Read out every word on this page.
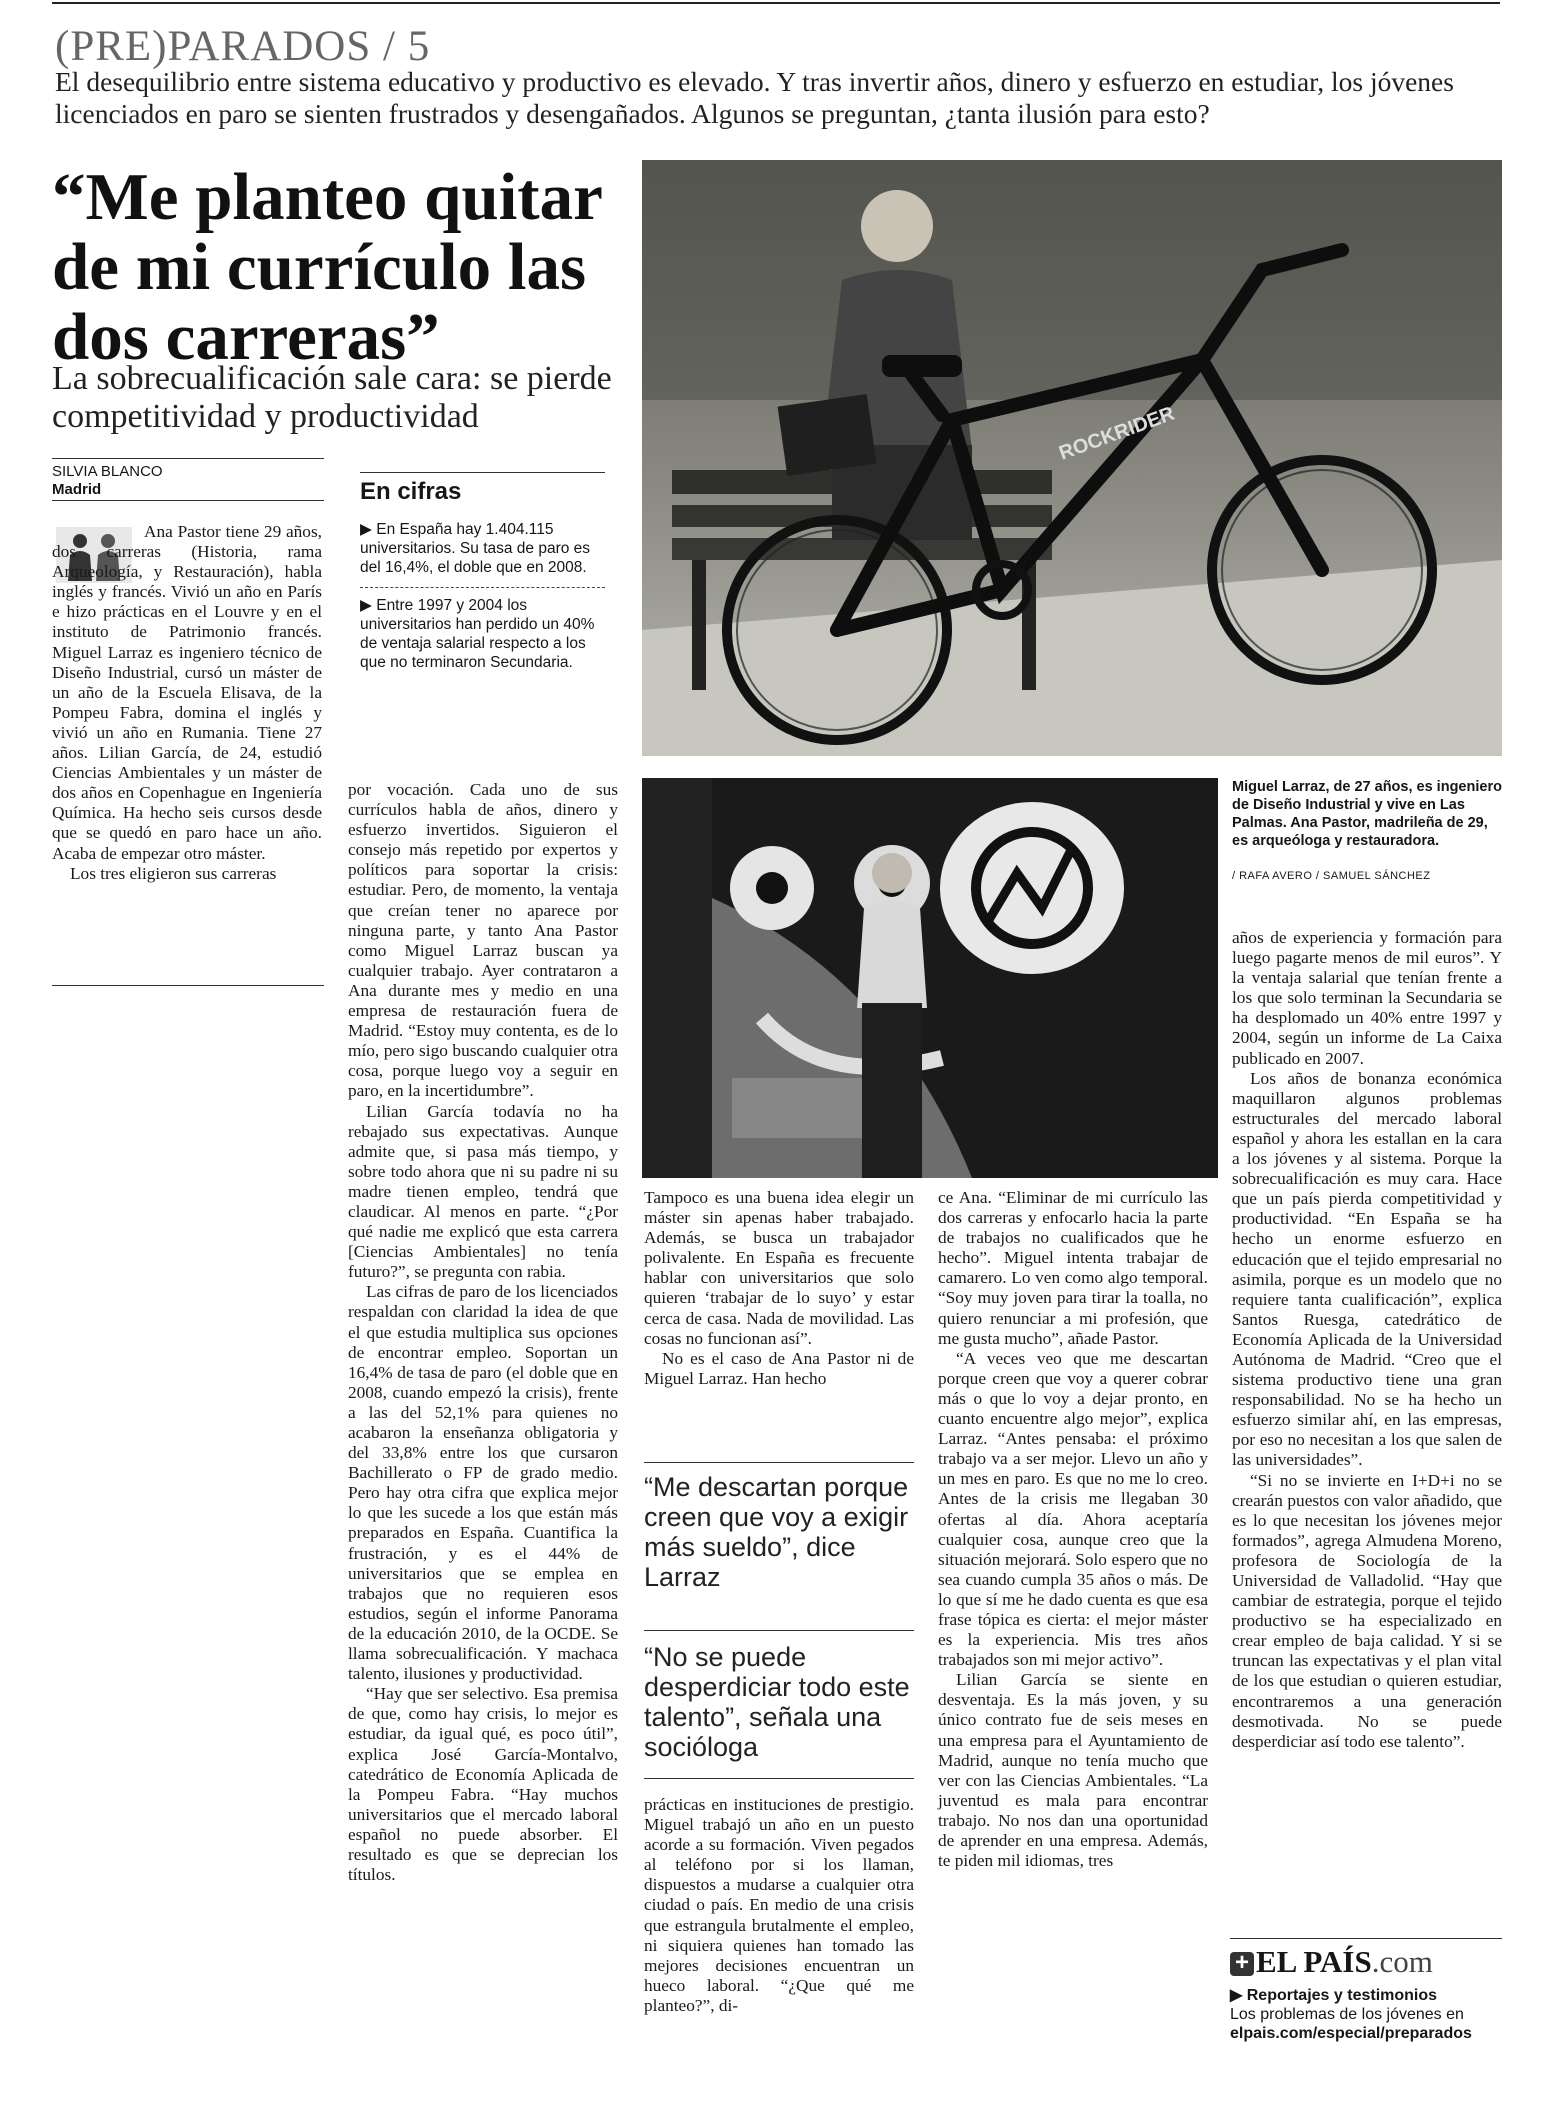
(PRE)PARADOS / 5
El desequilibrio entre sistema educativo y productivo es elevado. Y tras invertir años, dinero y esfuerzo en estudiar, los jóvenes licenciados en paro se sienten frustrados y desengañados. Algunos se preguntan, ¿tanta ilusión para esto?
“Me planteo quitar de mi currículo las dos carreras”
La sobrecualificación sale cara: se pierde competitividad y productividad
SILVIA BLANCO
Madrid

Ana Pastor tiene 29 años, dos carreras (Historia, rama Arqueología, y Restauración), habla inglés y francés. Vivió un año en París e hizo prácticas en el Louvre y en el instituto de Patrimonio francés. Miguel Larraz es ingeniero técnico de Diseño Industrial, cursó un máster de un año de la Escuela Elisava, de la Pompeu Fabra, domina el inglés y vivió un año en Rumania. Tiene 27 años. Lilian García, de 24, estudió Ciencias Ambientales y un máster de dos años en Copenhague en Ingeniería Química. Ha hecho seis cursos desde que se quedó en paro hace un año. Acaba de empezar otro máster.

Los tres eligieron sus carreras

En cifras
▶ En España hay 1.404.115 universitarios. Su tasa de paro es del 16,4%, el doble que en 2008.
▶ Entre 1997 y 2004 los universitarios han perdido un 40% de ventaja salarial respecto a los que no terminaron Secundaria.
ROCKRIDER
Miguel Larraz, de 27 años, es ingeniero de Diseño Industrial y vive en Las Palmas. Ana Pastor, madrileña de 29, es arqueóloga y restauradora.
/ RAFA AVERO / SAMUEL SÁNCHEZ

por vocación. Cada uno de sus currículos habla de años, dinero y esfuerzo invertidos. Siguieron el consejo más repetido por expertos y políticos para soportar la crisis: estudiar. Pero, de momento, la ventaja que creían tener no aparece por ninguna parte, y tanto Ana Pastor como Miguel Larraz buscan ya cualquier trabajo. Ayer contrataron a Ana durante mes y medio en una empresa de restauración fuera de Madrid. “Estoy muy contenta, es de lo mío, pero sigo buscando cualquier otra cosa, porque luego voy a seguir en paro, en la incertidumbre”.

Lilian García todavía no ha rebajado sus expectativas. Aunque admite que, si pasa más tiempo, y sobre todo ahora que ni su padre ni su madre tienen empleo, tendrá que claudicar. Al menos en parte. “¿Por qué nadie me explicó que esta carrera [Ciencias Ambientales] no tenía futuro?”, se pregunta con rabia.

Las cifras de paro de los licenciados respaldan con claridad la idea de que el que estudia multiplica sus opciones de encontrar empleo. Soportan un 16,4% de tasa de paro (el doble que en 2008, cuando empezó la crisis), frente a las del 52,1% para quienes no acabaron la enseñanza obligatoria y del 33,8% entre los que cursaron Bachillerato o FP de grado medio. Pero hay otra cifra que explica mejor lo que les sucede a los que están más preparados en España. Cuantifica la frustración, y es el 44% de universitarios que se emplea en trabajos que no requieren esos estudios, según el informe Panorama de la educación 2010, de la OCDE. Se llama sobrecualificación. Y machaca talento, ilusiones y productividad.

“Hay que ser selectivo. Esa premisa de que, como hay crisis, lo mejor es estudiar, da igual qué, es poco útil”, explica José García-Montalvo, catedrático de Economía Aplicada de la Pompeu Fabra. “Hay muchos universitarios que el mercado laboral español no puede absorber. El resultado es que se deprecian los títulos.

Tampoco es una buena idea elegir un máster sin apenas haber trabajado. Además, se busca un trabajador polivalente. En España es frecuente hablar con universitarios que solo quieren ‘trabajar de lo suyo’ y estar cerca de casa. Nada de movilidad. Las cosas no funcionan así”.

No es el caso de Ana Pastor ni de Miguel Larraz. Han hecho

“Me descartan porque creen que voy a exigir más sueldo”, dice Larraz
“No se puede desperdiciar todo este talento”, señala una socióloga

prácticas en instituciones de prestigio. Miguel trabajó un año en un puesto acorde a su formación. Viven pegados al teléfono por si los llaman, dispuestos a mudarse a cualquier otra ciudad o país. En medio de una crisis que estrangula brutalmente el empleo, ni siquiera quienes han tomado las mejores decisiones encuentran un hueco laboral. “¿Que qué me planteo?”, di-

ce Ana. “Eliminar de mi currículo las dos carreras y enfocarlo hacia la parte de trabajos no cualificados que he hecho”. Miguel intenta trabajar de camarero. Lo ven como algo temporal. “Soy muy joven para tirar la toalla, no quiero renunciar a mi profesión, que me gusta mucho”, añade Pastor.

“A veces veo que me descartan porque creen que voy a querer cobrar más o que lo voy a dejar pronto, en cuanto encuentre algo mejor”, explica Larraz. “Antes pensaba: el próximo trabajo va a ser mejor. Llevo un año y un mes en paro. Es que no me lo creo. Antes de la crisis me llegaban 30 ofertas al día. Ahora aceptaría cualquier cosa, aunque creo que la situación mejorará. Solo espero que no sea cuando cumpla 35 años o más. De lo que sí me he dado cuenta es que esa frase tópica es cierta: el mejor máster es la experiencia. Mis tres años trabajados son mi mejor activo”.

Lilian García se siente en desventaja. Es la más joven, y su único contrato fue de seis meses en una empresa para el Ayuntamiento de Madrid, aunque no tenía mucho que ver con las Ciencias Ambientales. “La juventud es mala para encontrar trabajo. No nos dan una oportunidad de aprender en una empresa. Además, te piden mil idiomas, tres

años de experiencia y formación para luego pagarte menos de mil euros”. Y la ventaja salarial que tenían frente a los que solo terminan la Secundaria se ha desplomado un 40% entre 1997 y 2004, según un informe de La Caixa publicado en 2007.

Los años de bonanza económica maquillaron algunos problemas estructurales del mercado laboral español y ahora les estallan en la cara a los jóvenes y al sistema. Porque la sobrecualificación es muy cara. Hace que un país pierda competitividad y productividad. “En España se ha hecho un enorme esfuerzo en educación que el tejido empresarial no asimila, porque es un modelo que no requiere tanta cualificación”, explica Santos Ruesga, catedrático de Economía Aplicada de la Universidad Autónoma de Madrid. “Creo que el sistema productivo tiene una gran responsabilidad. No se ha hecho un esfuerzo similar ahí, en las empresas, por eso no necesitan a los que salen de las universidades”.

“Si no se invierte en I+D+i no se crearán puestos con valor añadido, que es lo que necesitan los jóvenes mejor formados”, agrega Almudena Moreno, profesora de Sociología de la Universidad de Valladolid. “Hay que cambiar de estrategia, porque el tejido productivo se ha especializado en crear empleo de baja calidad. Y si se truncan las expectativas y el plan vital de los que estudian o quieren estudiar, encontraremos a una generación desmotivada. No se puede desperdiciar así todo ese talento”.

+ EL PAÍS.com
▶ Reportajes y testimonios
Los problemas de los jóvenes en
elpais.com/especial/preparados
